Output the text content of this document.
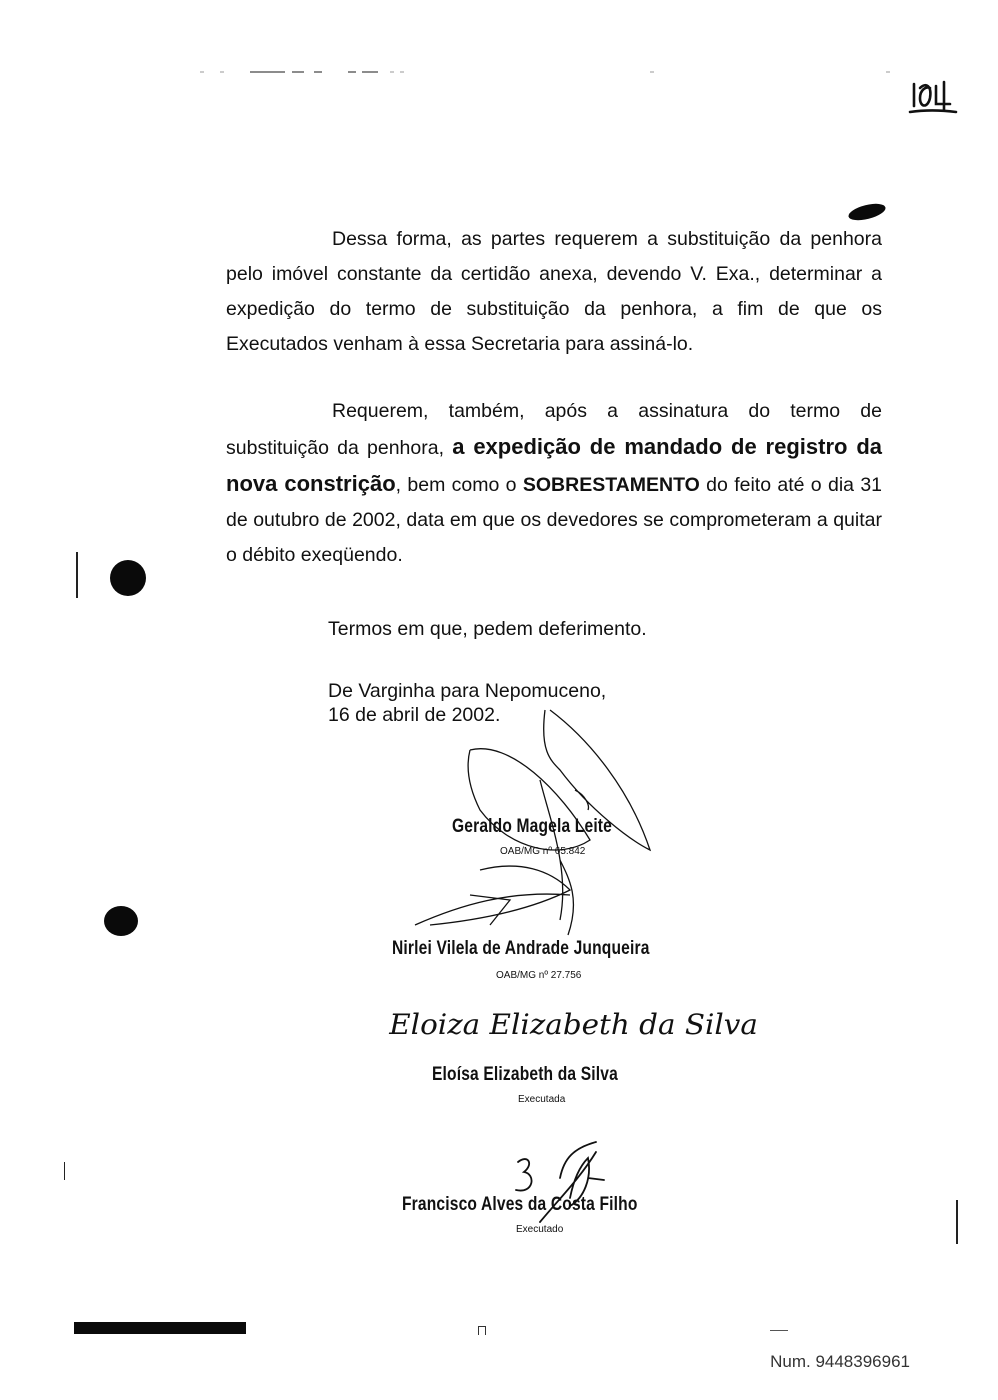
Dessa forma, as partes requerem a substituição da penhora pelo imóvel constante da certidão anexa, devendo V. Exa., determinar a expedição do termo de substituição da penhora, a fim de que os Executados venham à essa Secretaria para assiná-lo.
Requerem, também, após a assinatura do termo de substituição da penhora, a expedição de mandado de registro da nova constrição, bem como o SOBRESTAMENTO do feito até o dia 31 de outubro de 2002, data em que os devedores se comprometeram a quitar o débito exeqüendo.
Termos em que, pedem deferimento.
De Varginha para Nepomuceno,
16 de abril de 2002.
Geraldo Magela Leite
OAB/MG nº 65.842
Nirlei Vilela de Andrade Junqueira
OAB/MG nº 27.756
Eloiza Elizabeth da Silva
Eloísa Elizabeth da Silva
Executada
Francisco Alves da Costa Filho
Executado
Num. 9448396961
